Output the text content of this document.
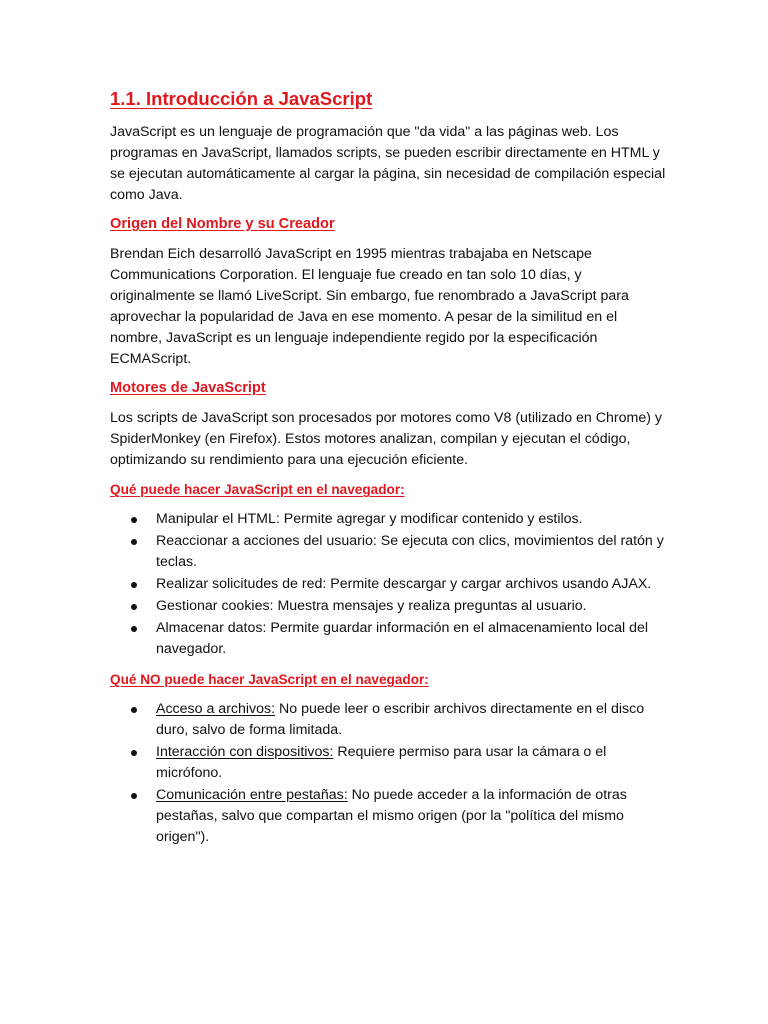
1.1. Introducción a JavaScript

JavaScript es un lenguaje de programación que "da vida" a las páginas web. Los programas en JavaScript, llamados scripts, se pueden escribir directamente en HTML y se ejecutan automáticamente al cargar la página, sin necesidad de compilación especial como Java.

Origen del Nombre y su Creador

Brendan Eich desarrolló JavaScript en 1995 mientras trabajaba en Netscape Communications Corporation. El lenguaje fue creado en tan solo 10 días, y originalmente se llamó LiveScript. Sin embargo, fue renombrado a JavaScript para aprovechar la popularidad de Java en ese momento. A pesar de la similitud en el nombre, JavaScript es un lenguaje independiente regido por la especificación ECMAScript.

Motores de JavaScript

Los scripts de JavaScript son procesados por motores como V8 (utilizado en Chrome) y SpiderMonkey (en Firefox). Estos motores analizan, compilan y ejecutan el código, optimizando su rendimiento para una ejecución eficiente.

Qué puede hacer JavaScript en el navegador:
Manipular el HTML: Permite agregar y modificar contenido y estilos.
Reaccionar a acciones del usuario: Se ejecuta con clics, movimientos del ratón y teclas.
Realizar solicitudes de red: Permite descargar y cargar archivos usando AJAX.
Gestionar cookies: Muestra mensajes y realiza preguntas al usuario.
Almacenar datos: Permite guardar información en el almacenamiento local del navegador.
Qué NO puede hacer JavaScript en el navegador:
Acceso a archivos: No puede leer o escribir archivos directamente en el disco duro, salvo de forma limitada.
Interacción con dispositivos: Requiere permiso para usar la cámara o el micrófono.
Comunicación entre pestañas: No puede acceder a la información de otras pestañas, salvo que compartan el mismo origen (por la "política del mismo origen").
